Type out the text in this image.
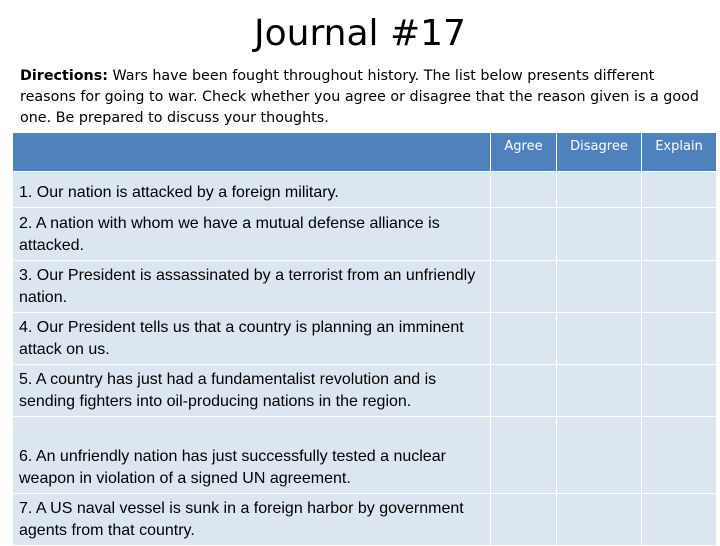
Journal #17
Directions: Wars have been fought throughout history. The list below presents different reasons for going to war. Check whether you agree or disagree that the reason given is a good one. Be prepared to discuss your thoughts.
	Agree	Disagree	Explain
1. Our nation is attacked by a foreign military.			
2. A nation with whom we have a mutual defense alliance is attacked.			
3. Our President is assassinated by a terrorist from an unfriendly nation.			
4. Our President tells us that a country is planning an imminent attack on us.			
5. A country has just had a fundamentalist revolution and is sending fighters into oil-producing nations in the region.			
6. An unfriendly nation has just successfully tested a nuclear weapon in violation of a signed UN agreement.			
7. A US naval vessel is sunk in a foreign harbor by government agents from that country.			
